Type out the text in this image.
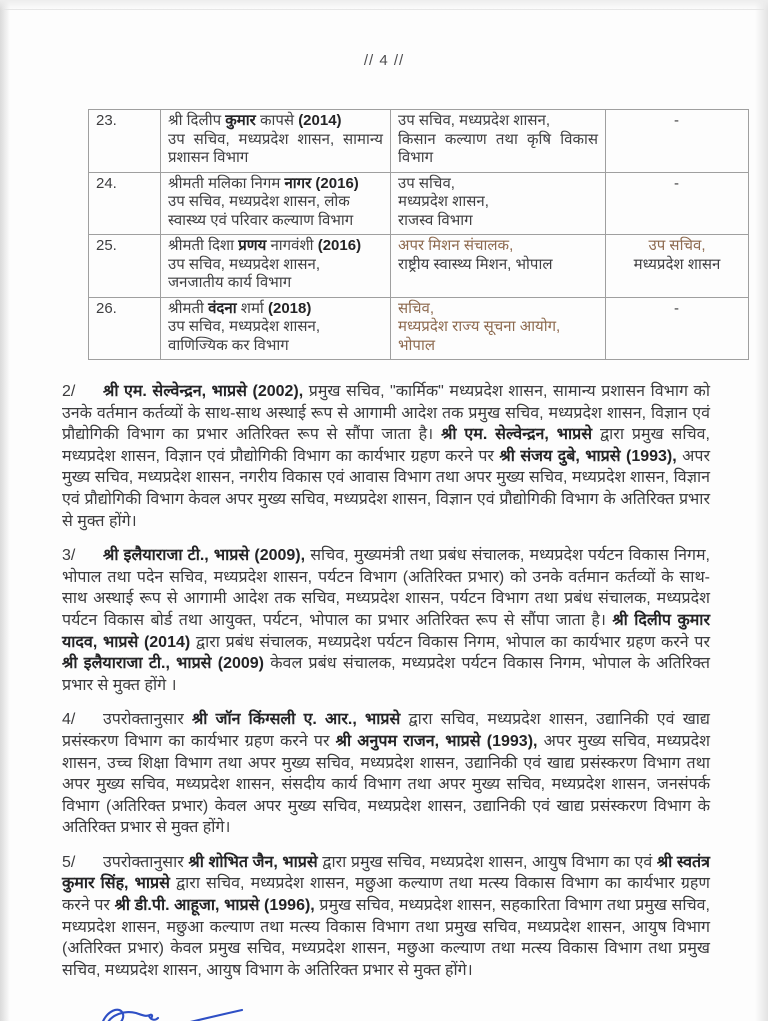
// 4 //
23.	श्री दिलीप कुमार कापसे (2014)
उप सचिव, मध्यप्रदेश शासन, सामान्य
प्रशासन विभाग

उप सचिव, मध्यप्रदेश शासन,
किसान कल्याण तथा कृषि विकास
विभाग

-

24.	श्रीमती मलिका निगम नागर (2016)
उप सचिव, मध्यप्रदेश शासन, लोक
स्वास्थ्य एवं परिवार कल्याण विभाग

उप सचिव,
मध्यप्रदेश शासन,
राजस्व विभाग

-

25.	श्रीमती दिशा प्रणय नागवंशी (2016)
उप सचिव, मध्यप्रदेश शासन,
जनजातीय कार्य विभाग

अपर मिशन संचालक,
राष्ट्रीय स्वास्थ्य मिशन, भोपाल

उप सचिव,
मध्यप्रदेश शासन

26.	श्रीमती वंदना शर्मा (2018)
उप सचिव, मध्यप्रदेश शासन,
वाणिज्यिक कर विभाग

सचिव,
मध्यप्रदेश राज्य सूचना आयोग, भोपाल

-

2/ श्री एम. सेल्वेन्द्रन, भाप्रसे (2002), प्रमुख सचिव, "कार्मिक" मध्यप्रदेश शासन, सामान्य प्रशासन विभाग को उनके वर्तमान कर्तव्यों के साथ-साथ अस्थाई रूप से आगामी आदेश तक प्रमुख सचिव, मध्यप्रदेश शासन, विज्ञान एवं प्रौद्योगिकी विभाग का प्रभार अतिरिक्त रूप से सौंपा जाता है। श्री एम. सेल्वेन्द्रन, भाप्रसे द्वारा प्रमुख सचिव, मध्यप्रदेश शासन, विज्ञान एवं प्रौद्योगिकी विभाग का कार्यभार ग्रहण करने पर श्री संजय दुबे, भाप्रसे (1993), अपर मुख्य सचिव, मध्यप्रदेश शासन, नगरीय विकास एवं आवास विभाग तथा अपर मुख्य सचिव, मध्यप्रदेश शासन, विज्ञान एवं प्रौद्योगिकी विभाग केवल अपर मुख्य सचिव, मध्यप्रदेश शासन, विज्ञान एवं प्रौद्योगिकी विभाग के अतिरिक्त प्रभार से मुक्त होंगे।

3/ श्री इलैयाराजा टी., भाप्रसे (2009), सचिव, मुख्यमंत्री तथा प्रबंध संचालक, मध्यप्रदेश पर्यटन विकास निगम, भोपाल तथा पदेन सचिव, मध्यप्रदेश शासन, पर्यटन विभाग (अतिरिक्त प्रभार) को उनके वर्तमान कर्तव्यों के साथ-साथ अस्थाई रूप से आगामी आदेश तक सचिव, मध्यप्रदेश शासन, पर्यटन विभाग तथा प्रबंध संचालक, मध्यप्रदेश पर्यटन विकास बोर्ड तथा आयुक्त, पर्यटन, भोपाल का प्रभार अतिरिक्त रूप से सौंपा जाता है। श्री दिलीप कुमार यादव, भाप्रसे (2014) द्वारा प्रबंध संचालक, मध्यप्रदेश पर्यटन विकास निगम, भोपाल का कार्यभार ग्रहण करने पर श्री इलैयाराजा टी., भाप्रसे (2009) केवल प्रबंध संचालक, मध्यप्रदेश पर्यटन विकास निगम, भोपाल के अतिरिक्त प्रभार से मुक्त होंगे ।

4/ उपरोक्तानुसार श्री जॉन किंग्सली ए. आर., भाप्रसे द्वारा सचिव, मध्यप्रदेश शासन, उद्यानिकी एवं खाद्य प्रसंस्करण विभाग का कार्यभार ग्रहण करने पर श्री अनुपम राजन, भाप्रसे (1993), अपर मुख्य सचिव, मध्यप्रदेश शासन, उच्च शिक्षा विभाग तथा अपर मुख्य सचिव, मध्यप्रदेश शासन, उद्यानिकी एवं खाद्य प्रसंस्करण विभाग तथा अपर मुख्य सचिव, मध्यप्रदेश शासन, संसदीय कार्य विभाग तथा अपर मुख्य सचिव, मध्यप्रदेश शासन, जनसंपर्क विभाग (अतिरिक्त प्रभार) केवल अपर मुख्य सचिव, मध्यप्रदेश शासन, उद्यानिकी एवं खाद्य प्रसंस्करण विभाग के अतिरिक्त प्रभार से मुक्त होंगे।

5/ उपरोक्तानुसार श्री शोभित जैन, भाप्रसे द्वारा प्रमुख सचिव, मध्यप्रदेश शासन, आयुष विभाग का एवं श्री स्वतंत्र कुमार सिंह, भाप्रसे द्वारा सचिव, मध्यप्रदेश शासन, मछुआ कल्याण तथा मत्स्य विकास विभाग का कार्यभार ग्रहण करने पर श्री डी.पी. आहूजा, भाप्रसे (1996), प्रमुख सचिव, मध्यप्रदेश शासन, सहकारिता विभाग तथा प्रमुख सचिव, मध्यप्रदेश शासन, मछुआ कल्याण तथा मत्स्य विकास विभाग तथा प्रमुख सचिव, मध्यप्रदेश शासन, आयुष विभाग (अतिरिक्त प्रभार) केवल प्रमुख सचिव, मध्यप्रदेश शासन, मछुआ कल्याण तथा मत्स्य विकास विभाग तथा प्रमुख सचिव, मध्यप्रदेश शासन, आयुष विभाग के अतिरिक्त प्रभार से मुक्त होंगे।
